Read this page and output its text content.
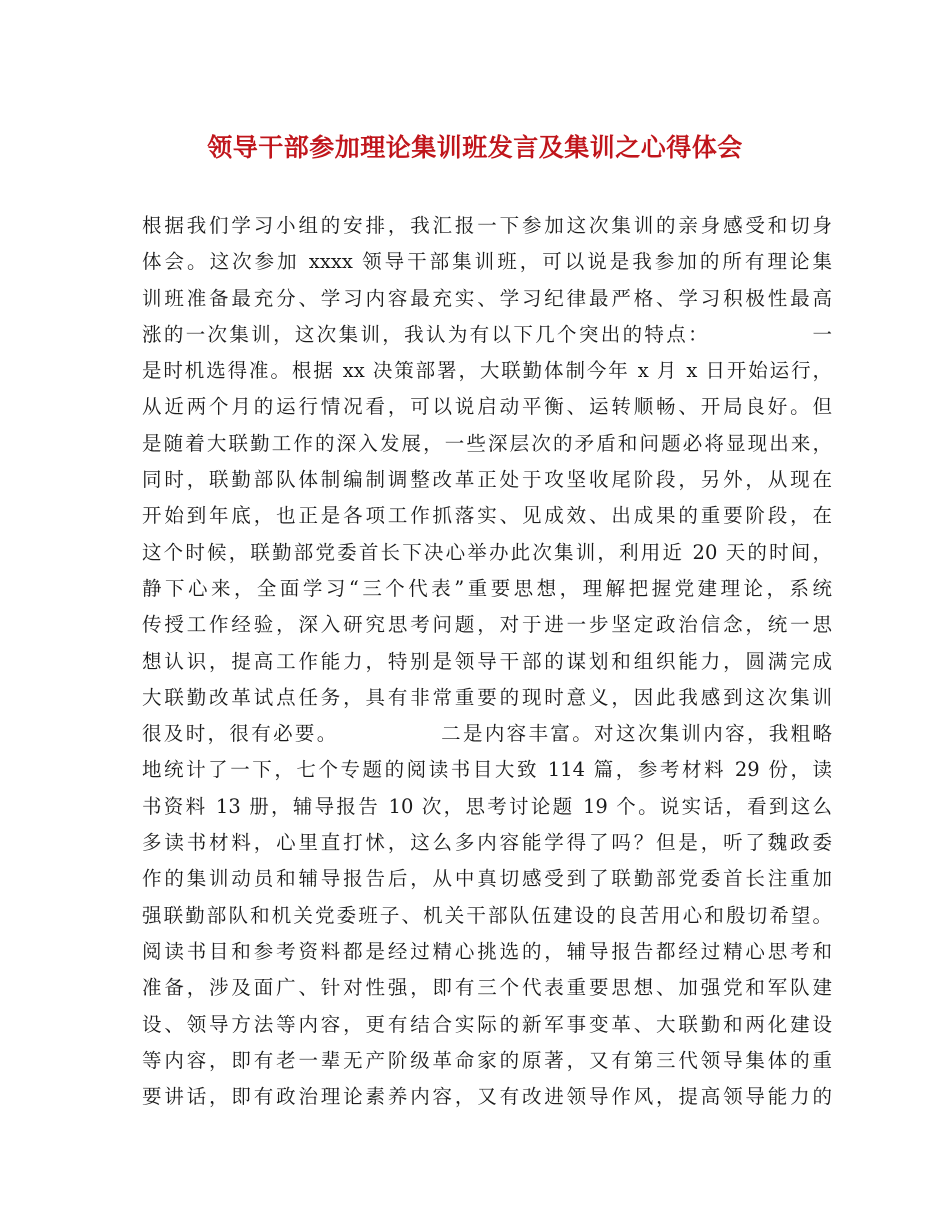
领导干部参加理论集训班发言及集训之心得体会
根据我们学习小组的安排，我汇报一下参加这次集训的亲身感受和切身
体会。这次参加 xxxx 领导干部集训班，可以说是我参加的所有理论集
训班准备最充分、学习内容最充实、学习纪律最严格、学习积极性最高
涨的一次集训，这次集训，我认为有以下几个突出的特点：            一
是时机选得准。根据 xx 决策部署，大联勤体制今年 x 月 x 日开始运行，
从近两个月的运行情况看，可以说启动平衡、运转顺畅、开局良好。但
是随着大联勤工作的深入发展，一些深层次的矛盾和问题必将显现出来，
同时，联勤部队体制编制调整改革正处于攻坚收尾阶段，另外，从现在
开始到年底，也正是各项工作抓落实、见成效、出成果的重要阶段，在
这个时候，联勤部党委首长下决心举办此次集训，利用近 20 天的时间，
静下心来，全面学习“三个代表”重要思想，理解把握党建理论，系统
传授工作经验，深入研究思考问题，对于进一步坚定政治信念，统一思
想认识，提高工作能力，特别是领导干部的谋划和组织能力，圆满完成
大联勤改革试点任务，具有非常重要的现时意义，因此我感到这次集训
很及时，很有必要。            二是内容丰富。对这次集训内容，我粗略
地统计了一下，七个专题的阅读书目大致 114 篇，参考材料 29 份，读
书资料 13 册，辅导报告 10 次，思考讨论题 19 个。说实话，看到这么
多读书材料，心里直打怵，这么多内容能学得了吗？但是，听了魏政委
作的集训动员和辅导报告后，从中真切感受到了联勤部党委首长注重加
强联勤部队和机关党委班子、机关干部队伍建设的良苦用心和殷切希望。
阅读书目和参考资料都是经过精心挑选的，辅导报告都经过精心思考和
准备，涉及面广、针对性强，即有三个代表重要思想、加强党和军队建
设、领导方法等内容，更有结合实际的新军事变革、大联勤和两化建设
等内容，即有老一辈无产阶级革命家的原著，又有第三代领导集体的重
要讲话，即有政治理论素养内容，又有改进领导作风，提高领导能力的
